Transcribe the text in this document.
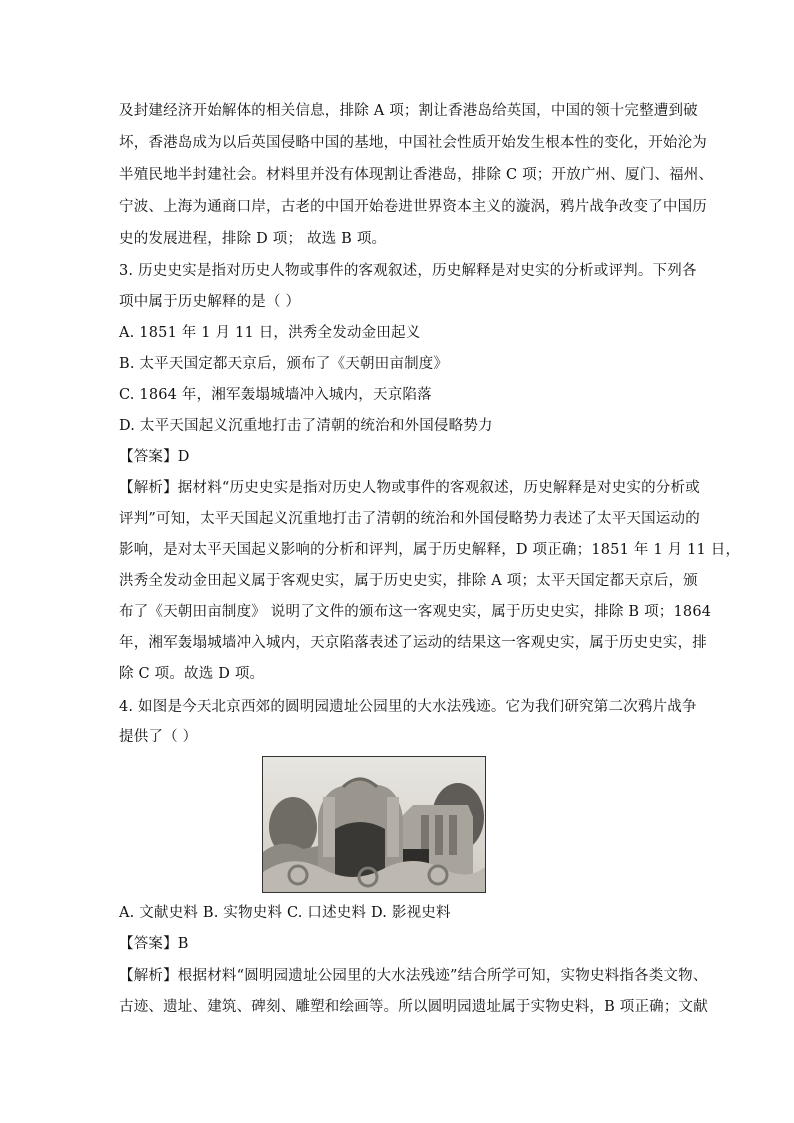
及封建经济开始解体的相关信息，排除 A 项；割让香港岛给英国，中国的领十完整遭到破
坏，香港岛成为以后英国侵略中国的基地，中国社会性质开始发生根本性的变化，开始沦为
半殖民地半封建社会。材料里并没有体现割让香港岛，排除 C 项；开放广州、厦门、福州、
宁波、上海为通商口岸，古老的中国开始卷进世界资本主义的漩涡，鸦片战争改变了中国历
史的发展进程，排除 D 项； 故选 B 项。
3. 历史史实是指对历史人物或事件的客观叙述，历史解释是对史实的分析或评判。下列各
项中属于历史解释的是（ ）
A. 1851 年 1 月 11 日，洪秀全发动金田起义
B. 太平天国定都天京后，颁布了《天朝田亩制度》
C. 1864 年，湘军轰塌城墙冲入城内，天京陷落
D. 太平天国起义沉重地打击了清朝的统治和外国侵略势力
【答案】D
【解析】据材料“历史史实是指对历史人物或事件的客观叙述，历史解释是对史实的分析或
评判”可知，太平天国起义沉重地打击了清朝的统治和外国侵略势力表述了太平天国运动的
影响，是对太平天国起义影响的分析和评判，属于历史解释，D 项正确；1851 年 1 月 11 日，
洪秀全发动金田起义属于客观史实，属于历史史实，排除 A 项；太平天国定都天京后，颁
布了《天朝田亩制度》 说明了文件的颁布这一客观史实，属于历史史实，排除 B 项；1864
年，湘军轰塌城墙冲入城内，天京陷落表述了运动的结果这一客观史实，属于历史史实，排
除 C 项。故选 D 项。
4. 如图是今天北京西郊的圆明园遗址公园里的大水法残迹。它为我们研究第二次鸦片战争
提供了（ ）
A. 文献史料 B. 实物史料 C. 口述史料 D. 影视史料
【答案】B
【解析】根据材料“圆明园遗址公园里的大水法残迹”结合所学可知，实物史料指各类文物、
古迹、遗址、建筑、碑刻、雕塑和绘画等。所以圆明园遗址属于实物史料，B 项正确；文献
